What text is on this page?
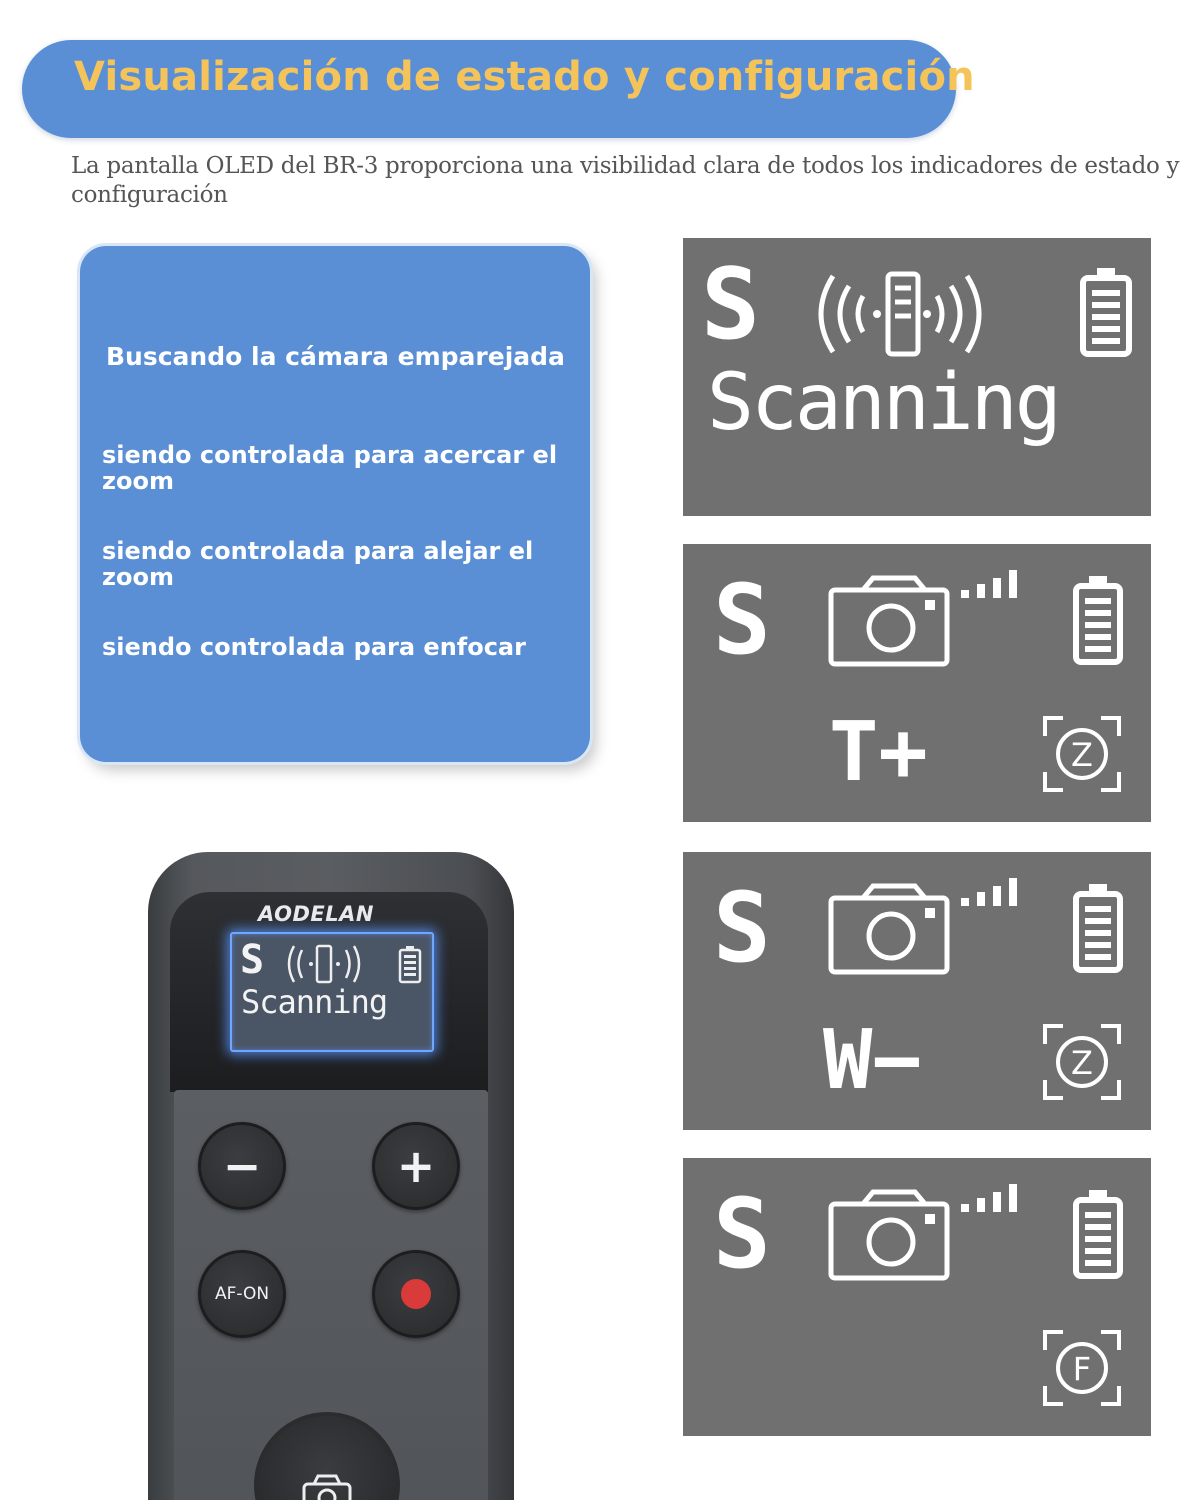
Visualización de estado y configuración

La pantalla OLED del BR-3 proporciona una visibilidad clara de todos los indicadores de estado y configuración

Buscando la cámara emparejada

siendo controlada para acercar el zoom

siendo controlada para alejar el zoom

siendo controlada para enfocar

S
Scanning
S
T+	Z
S
W−	Z
S
F
AODELAN
S
Scanning
−	+
AF-ON
